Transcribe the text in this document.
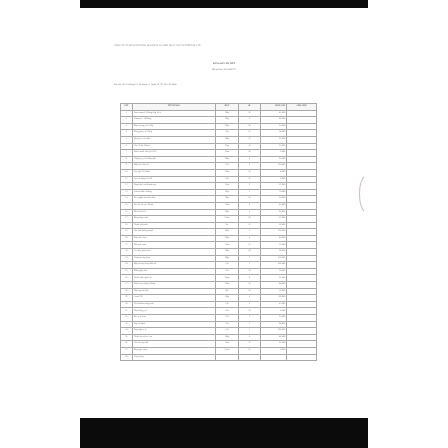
CÔNG TY CỔ PHẦN THƯƠNG MẠI DỊCH VỤ SINH HOẠT VẬT TƯ THIẾT BỊ Y TẾ
BẢNG KÊ CHI TIẾT
Mã số thuế: 0312048772
Địa chỉ: Số 15 đường 3/2, Phường 11, Quận 10, TP. Hồ Chí Minh
STT	TÊN HÀNG	ĐVT	SL	ĐƠN GIÁ	GHI CHÚ
1	Paracetamol 500mg hộp 10 vỉ	Hộp	10	45.000	
2	Vitamin C 1000mg	Hộp	5	60.000	
3	Khẩu trang y tế 4 lớp	Hộp	20	35.000	
4	Bông gòn y tế 100g	Gói	15	18.000	
5	Băng keo cá nhân	Hộp	12	22.000	
6	Cồn 70 độ 500ml	Chai	10	25.000	
7	Nước muối sinh lý 0.9%	Chai	30	6.000	
8	Găng tay y tế không bột	Hộp	8	95.000	
9	Nhiệt kế điện tử	Cái	4	120.000	
10	Oxy già 3% 60ml	Chai	10	8.000	
11	Gạc vô trùng 10x10	Gói	25	5.000	
12	Dung dịch sát khuẩn tay	Chai	6	55.000	
13	Amoxicillin 500mg	Hộp	5	70.000	
14	Kẹo ngậm ho thảo dược	Hộp	10	30.000	
15	Siro ho trẻ em 100ml	Chai	8	42.000	
16	Men tiêu hóa	Hộp	6	65.000	
17	Băng thun cuộn	Cuộn	10	15.000	
18	Thuốc nhỏ mắt	Lọ	12	20.000	
19	Que thử đường huyết	Hộp	3	250.000	
20	Kim tiêm 5ml	Hộp	4	80.000	
21	Dầu gió xanh	Chai	15	12.000	
22	Cao dán giảm đau	Hộp	10	28.000	
23	Vitamin tổng hợp	Hộp	5	150.000	
24	Máy đo huyết áp điện tử	Cái	2	650.000	
25	Khăn giấy ướt	Gói	20	10.000	
26	Thuốc bôi ngoài da	Tuýp	8	35.000	
27	Nước súc miệng 250ml	Chai	10	40.000	
28	Dây truyền dịch	Bộ	10	15.000	
29	Canxi D3	Hộp	4	110.000	
30	Túi chườm nóng lạnh	Cái	6	45.000	
31	Tăm bông y tế	Gói	20	8.000	
32	Kéo y tế inox	Cái	3	35.000	
33	Nẹp cố định	Cái	2	90.000	
34	Ống nghe y tế	Cái	1	320.000	
35	Thuốc hạ sốt trẻ em	Hộp	6	48.000	
36	Gel rửa tay khô	Chai	12	32.000	
37	Băng gạc cuộn	Cuộn	15	9.000	
38	Tổng cộng				
